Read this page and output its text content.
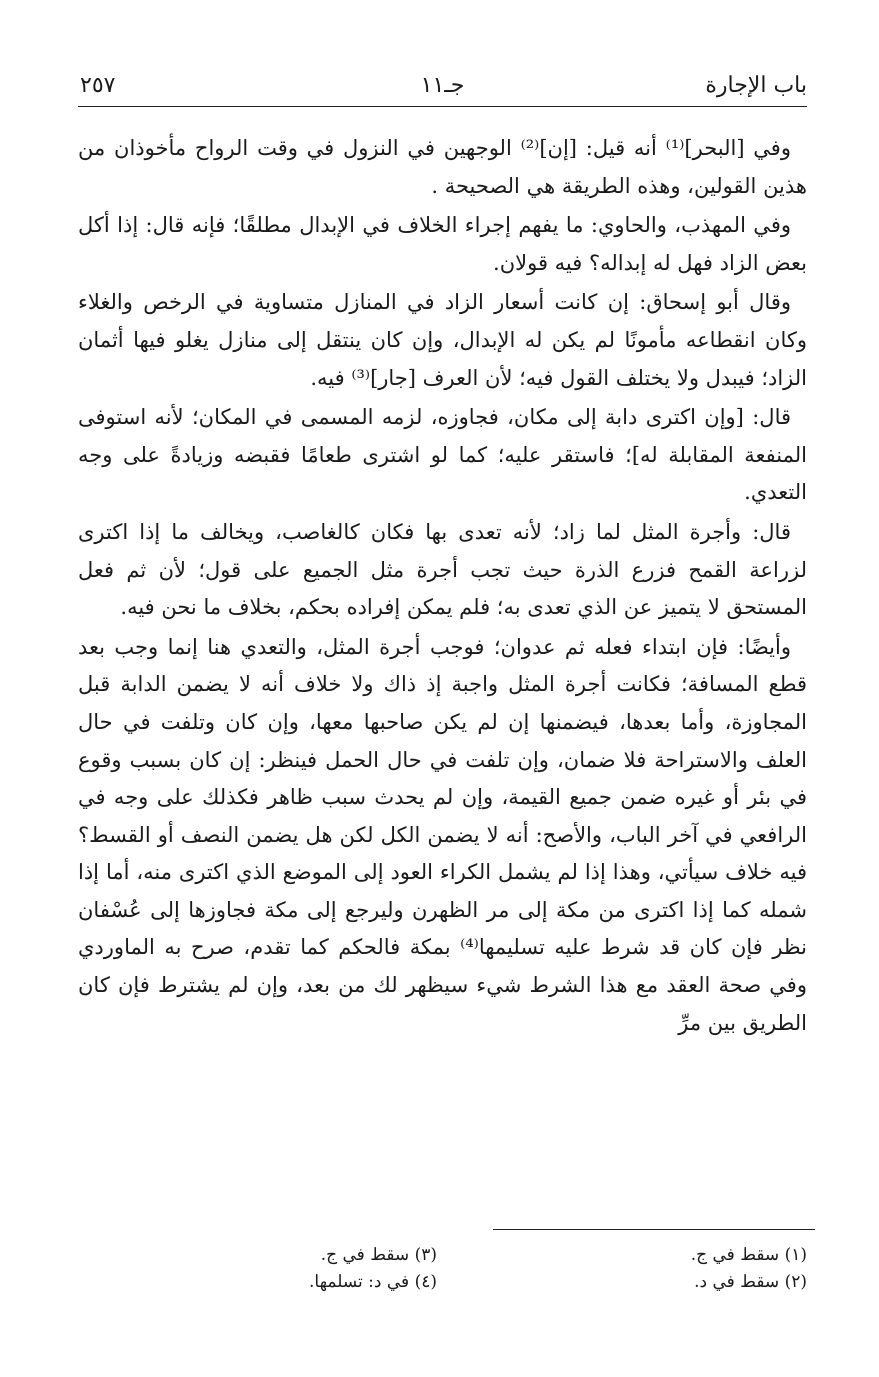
باب الإجارة
جـ١١
٢٥٧

وفي [البحر]⁽¹⁾ أنه قيل: [إن]⁽²⁾ الوجهين في النزول في وقت الرواح مأخوذان من هذين القولين، وهذه الطريقة هي الصحيحة .

وفي المهذب، والحاوي: ما يفهم إجراء الخلاف في الإبدال مطلقًا؛ فإنه قال: إذا أكل بعض الزاد فهل له إبداله؟ فيه قولان.

وقال أبو إسحاق: إن كانت أسعار الزاد في المنازل متساوية في الرخص والغلاء وكان انقطاعه مأمونًا لم يكن له الإبدال، وإن كان ينتقل إلى منازل يغلو فيها أثمان الزاد؛ فيبدل ولا يختلف القول فيه؛ لأن العرف [جار]⁽³⁾ فيه.

قال: [وإن اكترى دابة إلى مكان، فجاوزه، لزمه المسمى في المكان؛ لأنه استوفى المنفعة المقابلة له]؛ فاستقر عليه؛ كما لو اشترى طعامًا فقبضه وزيادةً على وجه التعدي.

قال: وأجرة المثل لما زاد؛ لأنه تعدى بها فكان كالغاصب، ويخالف ما إذا اكترى لزراعة القمح فزرع الذرة حيث تجب أجرة مثل الجميع على قول؛ لأن ثم فعل المستحق لا يتميز عن الذي تعدى به؛ فلم يمكن إفراده بحكم، بخلاف ما نحن فيه.

وأيضًا: فإن ابتداء فعله ثم عدوان؛ فوجب أجرة المثل، والتعدي هنا إنما وجب بعد قطع المسافة؛ فكانت أجرة المثل واجبة إذ ذاك ولا خلاف أنه لا يضمن الدابة قبل المجاوزة، وأما بعدها، فيضمنها إن لم يكن صاحبها معها، وإن كان وتلفت في حال العلف والاستراحة فلا ضمان، وإن تلفت في حال الحمل فينظر: إن كان بسبب وقوع في بئر أو غيره ضمن جميع القيمة، وإن لم يحدث سبب ظاهر فكذلك على وجه في الرافعي في آخر الباب، والأصح: أنه لا يضمن الكل لكن هل يضمن النصف أو القسط؟ فيه خلاف سيأتي، وهذا إذا لم يشمل الكراء العود إلى الموضع الذي اكترى منه، أما إذا شمله كما إذا اكترى من مكة إلى مر الظهرن وليرجع إلى مكة فجاوزها إلى عُسْفان نظر فإن كان قد شرط عليه تسليمها⁽⁴⁾ بمكة فالحكم كما تقدم، صرح به الماوردي وفي صحة العقد مع هذا الشرط شيء سيظهر لك من بعد، وإن لم يشترط فإن كان الطريق بين مرِّ

(١) سقط في ج.
(٢) سقط في د.
(٣) سقط في ج.
(٤) في د: تسلمها.
